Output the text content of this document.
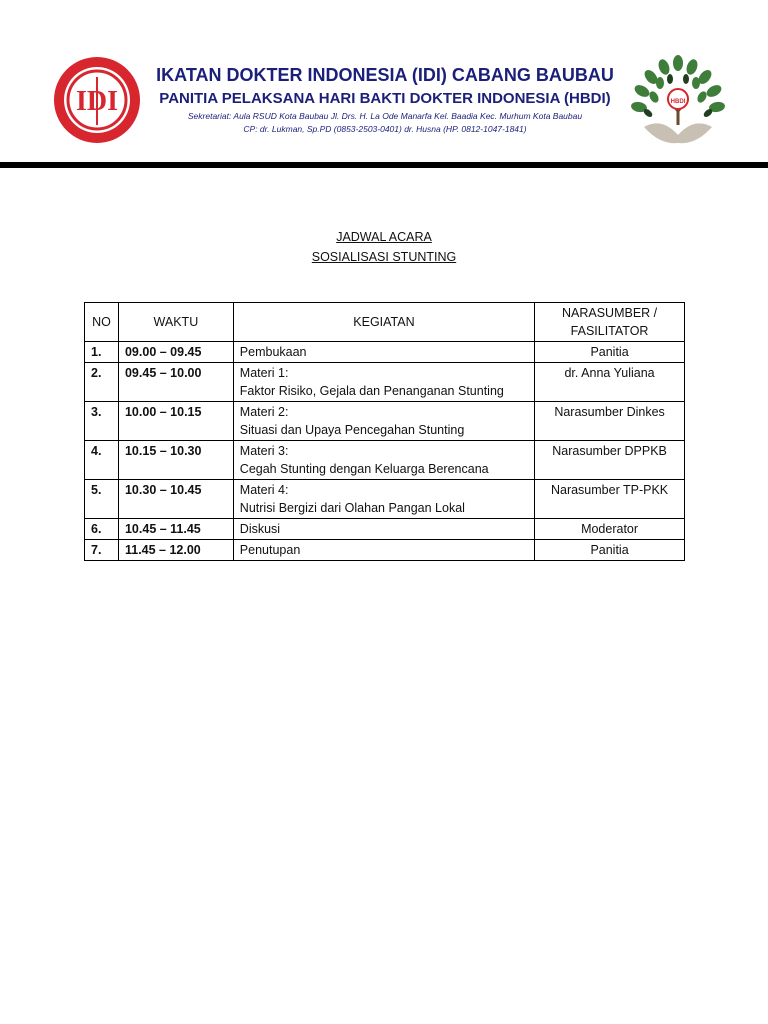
IDI
IKATAN DOKTER INDONESIA (IDI) CABANG BAUBAU
PANITIA PELAKSANA HARI BAKTI DOKTER INDONESIA (HBDI)
Sekretariat: Aula RSUD Kota Baubau Jl. Drs. H. La Ode Manarfa Kel. Baadia Kec. Murhum Kota Baubau
CP: dr. Lukman, Sp.PD (0853-2503-0401) dr. Husna (HP. 0812-1047-1841)
HBDI
JADWAL ACARA
SOSIALISASI STUNTING
NO	WAKTU	KEGIATAN	NARASUMBER /
FASILITATOR
1.	09.00 – 09.45	Pembukaan	Panitia
2.	09.45 – 10.00	Materi 1:
Faktor Risiko, Gejala dan Penanganan Stunting	dr. Anna Yuliana
3.	10.00 – 10.15	Materi 2:
Situasi dan Upaya Pencegahan Stunting	Narasumber Dinkes
4.	10.15 – 10.30	Materi 3:
Cegah Stunting dengan Keluarga Berencana	Narasumber DPPKB
5.	10.30 – 10.45	Materi 4:
Nutrisi Bergizi dari Olahan Pangan Lokal	Narasumber TP-PKK
6.	10.45 – 11.45	Diskusi	Moderator
7.	11.45 – 12.00	Penutupan	Panitia
